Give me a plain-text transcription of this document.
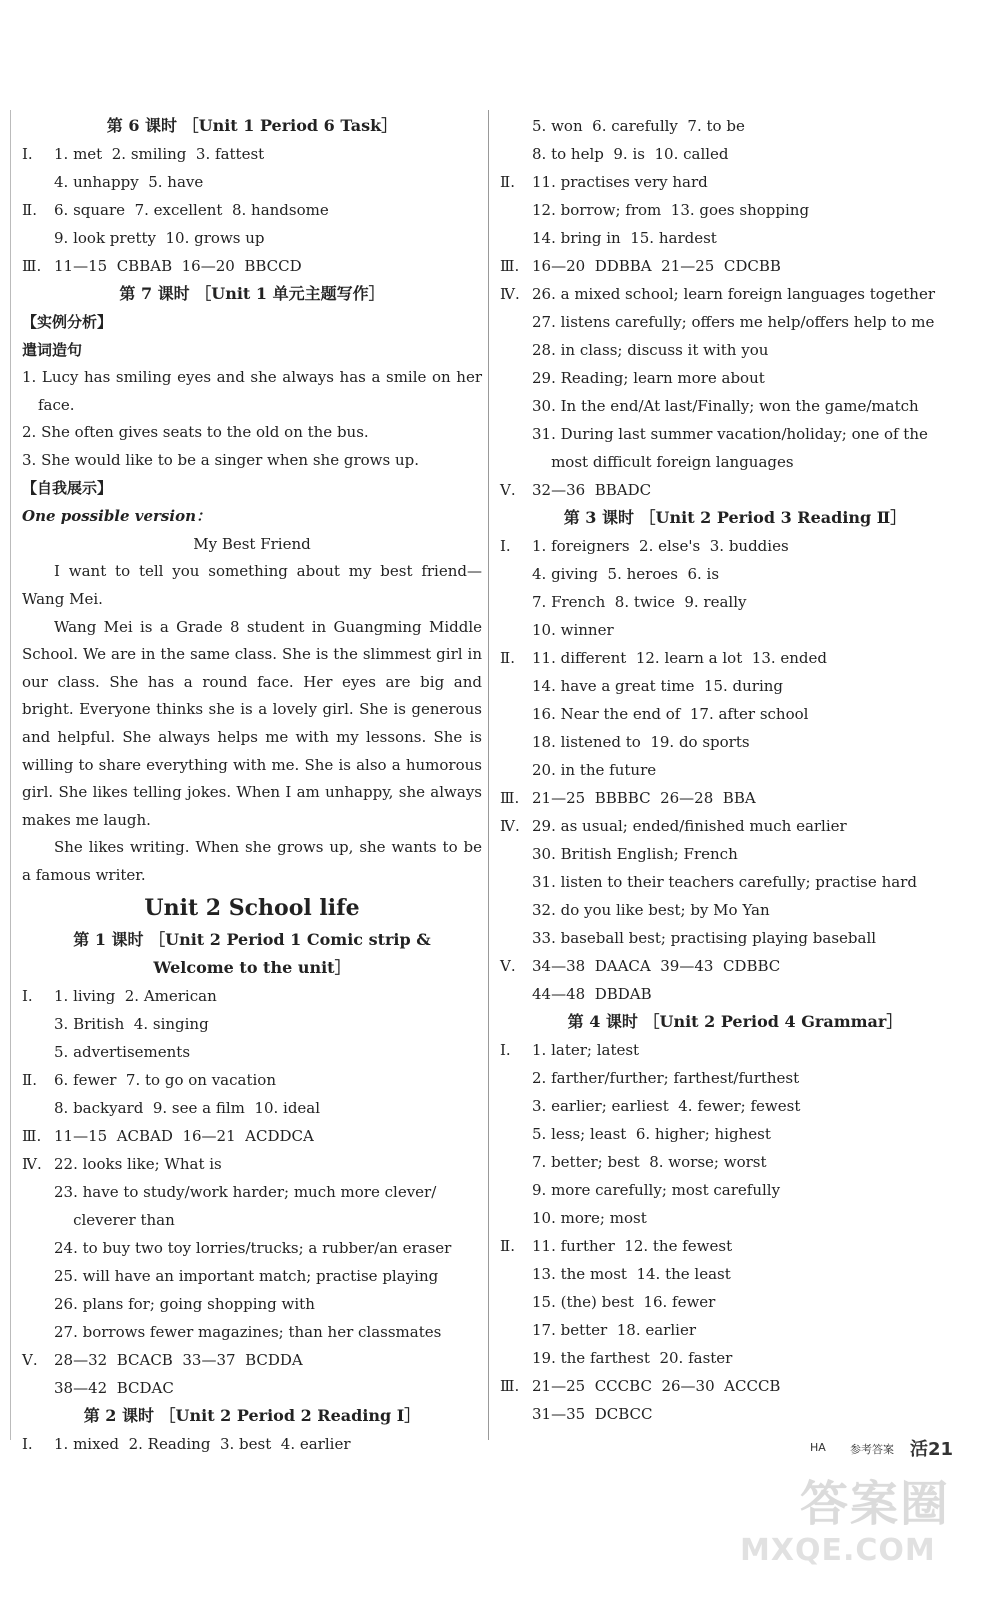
第 6 课时 ［Unit 1 Period 6 Task］
Ⅰ. 1. met  2. smiling  3. fattest
4. unhappy  5. have
Ⅱ. 6. square  7. excellent  8. handsome
9. look pretty  10. grows up
Ⅲ. 11—15  CBBAB  16—20  BBCCD
第 7 课时 ［Unit 1 单元主题写作］
【实例分析】
遣词造句

1. Lucy has smiling eyes and she always has a smile on her face.

2. She often gives seats to the old on the bus.

3. She would like to be a singer when she grows up.

【自我展示】
One possible version：
My Best Friend

I want to tell you something about my best friend—Wang Mei.

Wang Mei is a Grade 8 student in Guangming Middle School. We are in the same class. She is the slimmest girl in our class. She has a round face. Her eyes are big and bright. Everyone thinks she is a lovely girl. She is generous and helpful. She always helps me with my lessons. She is willing to share everything with me. She is also a humorous girl. She likes telling jokes. When I am unhappy, she always makes me laugh.

She likes writing. When she grows up, she wants to be a famous writer.

Unit 2 School life
第 1 课时 ［Unit 2 Period 1 Comic strip &
Welcome to the unit］
Ⅰ. 1. living  2. American
3. British  4. singing
5. advertisements
Ⅱ. 6. fewer  7. to go on vacation
8. backyard  9. see a film  10. ideal
Ⅲ. 11—15  ACBAD  16—21  ACDDCA
Ⅳ. 22. looks like; What is
23. have to study/work harder; much more clever/
cleverer than
24. to buy two toy lorries/trucks; a rubber/an eraser
25. will have an important match; practise playing
26. plans for; going shopping with
27. borrows fewer magazines; than her classmates
Ⅴ. 28—32  BCACB  33—37  BCDDA
38—42  BCDAC
第 2 课时 ［Unit 2 Period 2 Reading Ⅰ］
Ⅰ. 1. mixed  2. Reading  3. best  4. earlier
5. won  6. carefully  7. to be
8. to help  9. is  10. called
Ⅱ. 11. practises very hard
12. borrow; from  13. goes shopping
14. bring in  15. hardest
Ⅲ. 16—20  DDBBA  21—25  CDCBB
Ⅳ. 26. a mixed school; learn foreign languages together
27. listens carefully; offers me help/offers help to me
28. in class; discuss it with you
29. Reading; learn more about
30. In the end/At last/Finally; won the game/match
31. During last summer vacation/holiday; one of the
most difficult foreign languages
Ⅴ. 32—36  BBADC
第 3 课时 ［Unit 2 Period 3 Reading Ⅱ］
Ⅰ. 1. foreigners  2. else's  3. buddies
4. giving  5. heroes  6. is
7. French  8. twice  9. really
10. winner
Ⅱ. 11. different  12. learn a lot  13. ended
14. have a great time  15. during
16. Near the end of  17. after school
18. listened to  19. do sports
20. in the future
Ⅲ. 21—25  BBBBC  26—28  BBA
Ⅳ. 29. as usual; ended/finished much earlier
30. British English; French
31. listen to their teachers carefully; practise hard
32. do you like best; by Mo Yan
33. baseball best; practising playing baseball
Ⅴ. 34—38  DAACA  39—43  CDBBC
44—48  DBDAB
第 4 课时 ［Unit 2 Period 4 Grammar］
Ⅰ. 1. later; latest
2. farther/further; farthest/furthest
3. earlier; earliest  4. fewer; fewest
5. less; least  6. higher; highest
7. better; best  8. worse; worst
9. more carefully; most carefully
10. more; most
Ⅱ. 11. further  12. the fewest
13. the most  14. the least
15. (the) best  16. fewer
17. better  18. earlier
19. the farthest  20. faster
Ⅲ. 21—25  CCCBC  26—30  ACCCB
31—35  DCBCC
HA 参考答案 活21
答案圈
MXQE.COM
